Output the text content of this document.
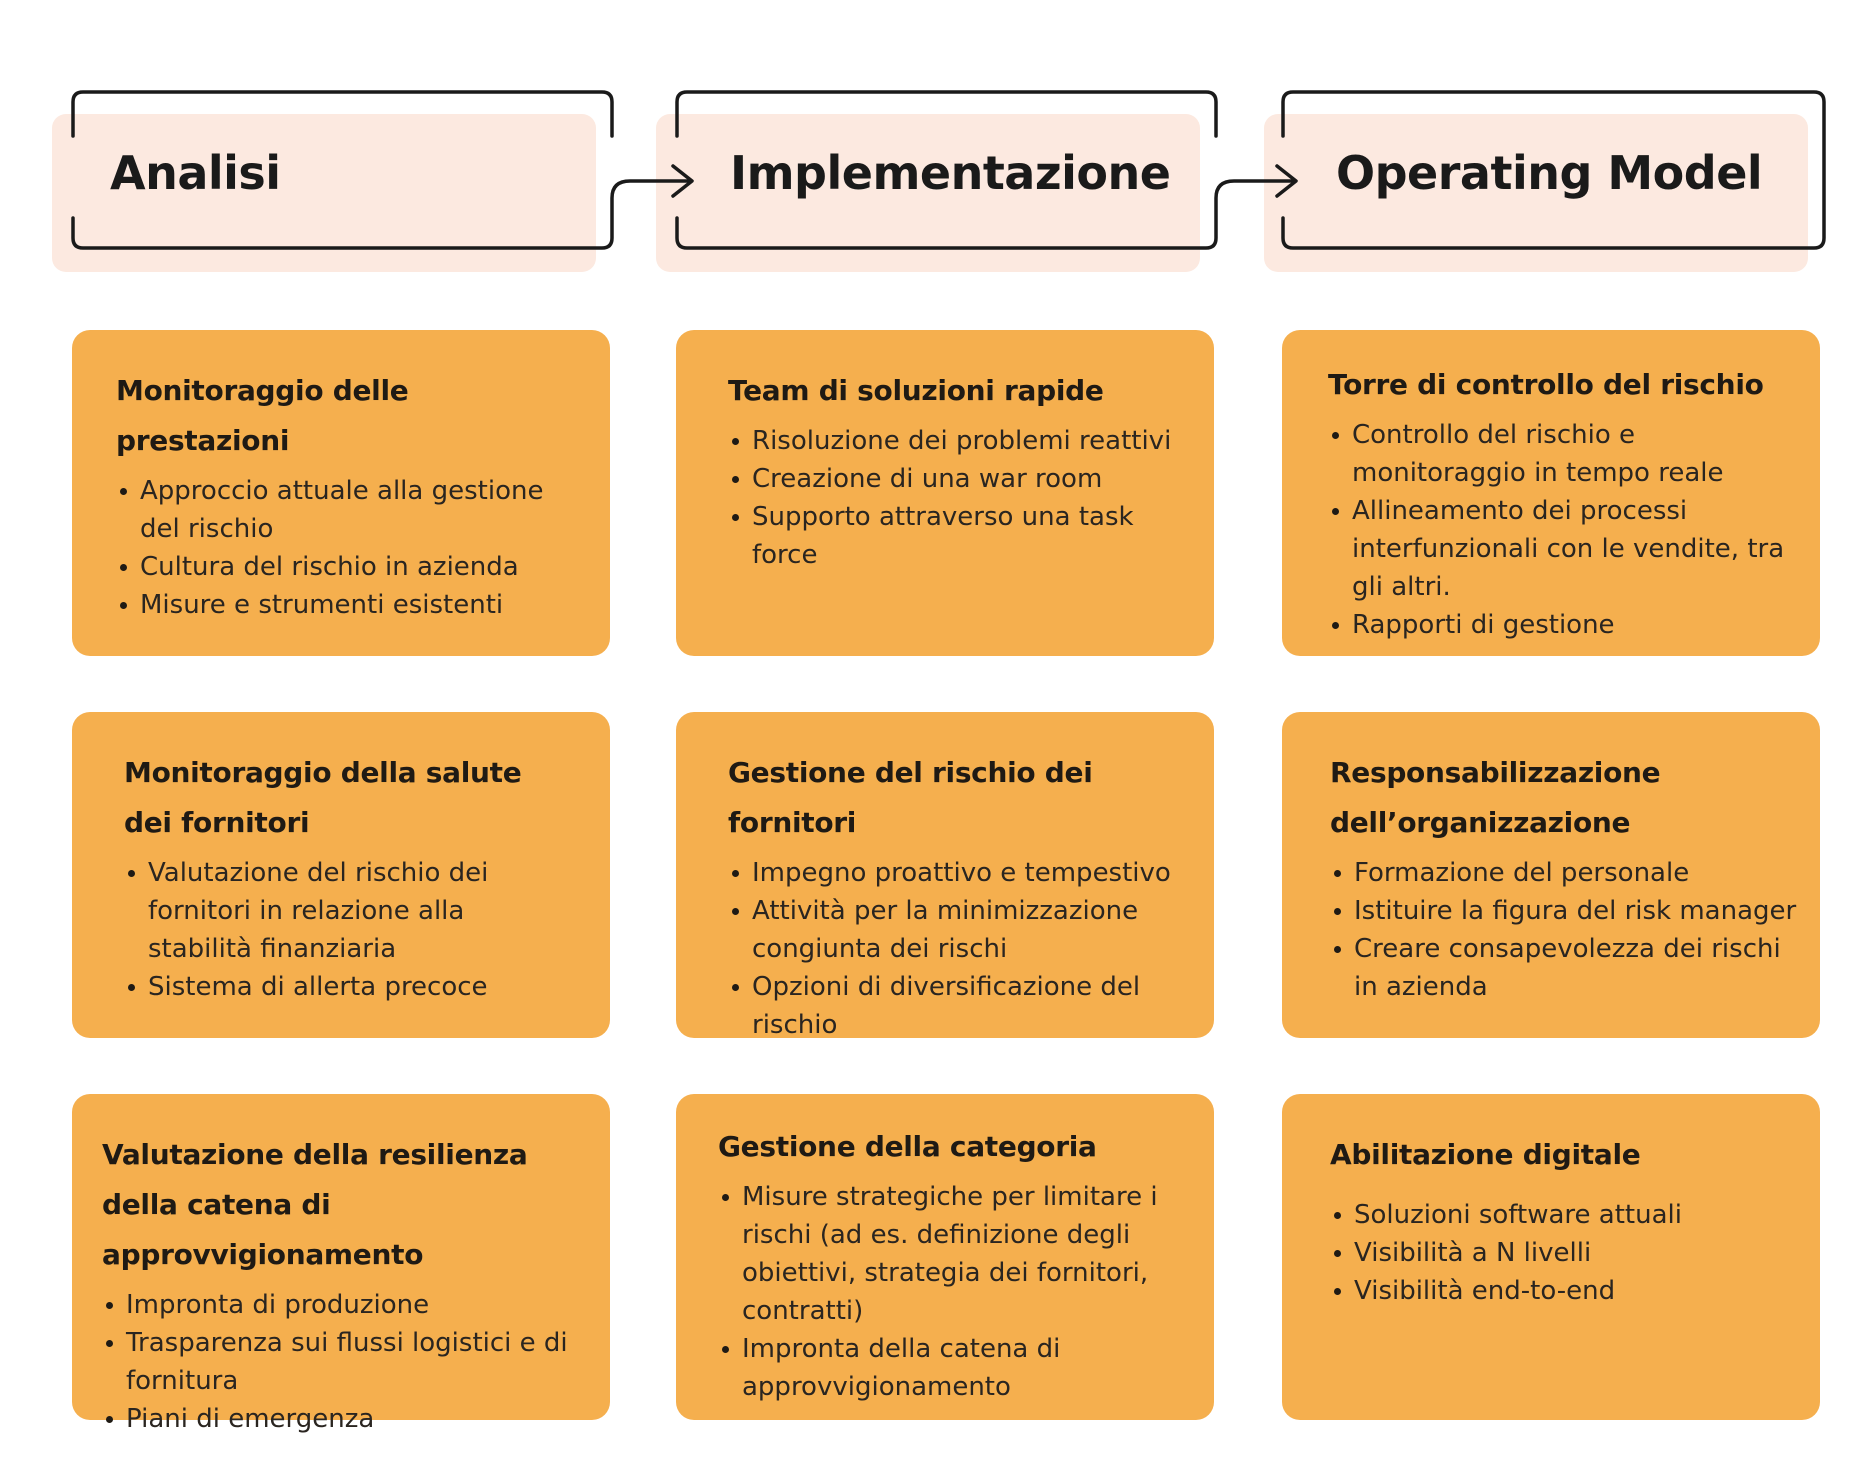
Analisi	Implementazione	Operating Model
Monitoraggio delle prestazioni
Approccio attuale alla gestione del rischio
Cultura del rischio in azienda
Misure e strumenti esistenti
Team di soluzioni rapide
Risoluzione dei problemi reattivi
Creazione di una war room
Supporto attraverso una task force
Torre di controllo del rischio
Controllo del rischio e monitoraggio in tempo reale
Allineamento dei processi interfunzionali con le vendite, tra gli altri.
Rapporti di gestione
Monitoraggio della salute dei fornitori
Valutazione del rischio dei fornitori in relazione alla stabilità finanziaria
Sistema di allerta precoce
Gestione del rischio dei fornitori
Impegno proattivo e tempestivo
Attività per la minimizzazione congiunta dei rischi
Opzioni di diversificazione del rischio
Responsabilizzazione dell’organizzazione
Formazione del personale
Istituire la figura del risk manager
Creare consapevolezza dei rischi in azienda
Valutazione della resilienza della catena di approvvigionamento
Impronta di produzione
Trasparenza sui flussi logistici e di fornitura
Piani di emergenza
Gestione della categoria
Misure strategiche per limitare i rischi (ad es. definizione degli obiettivi, strategia dei fornitori, contratti)
Impronta della catena di approvvigionamento
Abilitazione digitale
Soluzioni software attuali
Visibilità a N livelli
Visibilità end-to-end
